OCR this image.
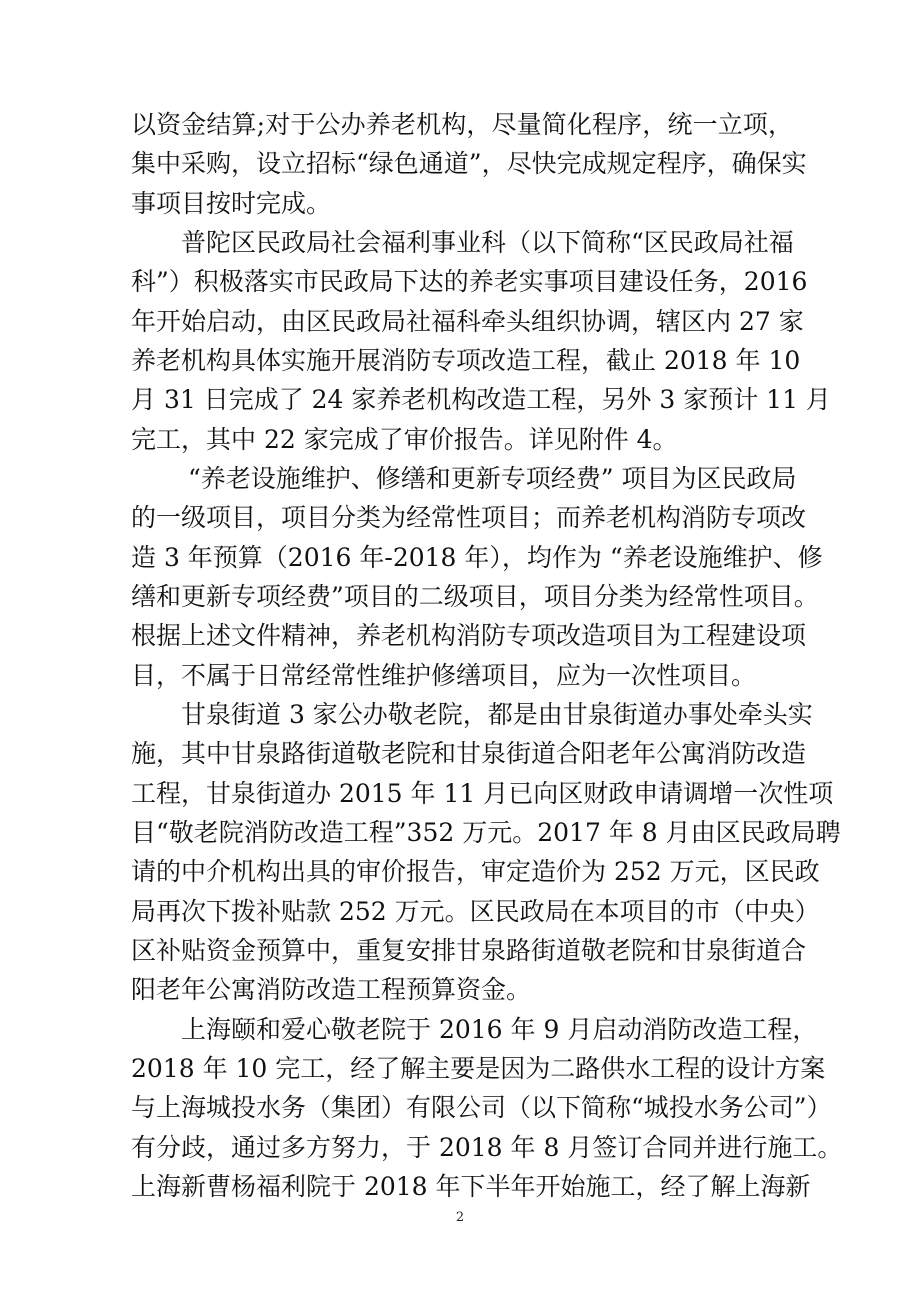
以资金结算;对于公办养老机构，尽量简化程序，统一立项，
集中采购，设立招标“绿色通道”，尽快完成规定程序，确保实
事项目按时完成。
普陀区民政局社会福利事业科（以下简称“区民政局社福
科”）积极落实市民政局下达的养老实事项目建设任务，2016
年开始启动，由区民政局社福科牵头组织协调，辖区内 27 家
养老机构具体实施开展消防专项改造工程，截止 2018 年 10
月 31 日完成了 24 家养老机构改造工程，另外 3 家预计 11 月
完工，其中 22 家完成了审价报告。详见附件 4。
“养老设施维护、修缮和更新专项经费” 项目为区民政局
的一级项目，项目分类为经常性项目；而养老机构消防专项改
造 3 年预算（2016 年-2018 年），均作为 “养老设施维护、修
缮和更新专项经费”项目的二级项目，项目分类为经常性项目。
根据上述文件精神，养老机构消防专项改造项目为工程建设项
目，不属于日常经常性维护修缮项目，应为一次性项目。
甘泉街道 3 家公办敬老院，都是由甘泉街道办事处牵头实
施，其中甘泉路街道敬老院和甘泉街道合阳老年公寓消防改造
工程，甘泉街道办 2015 年 11 月已向区财政申请调增一次性项
目“敬老院消防改造工程”352 万元。2017 年 8 月由区民政局聘
请的中介机构出具的审价报告，审定造价为 252 万元，区民政
局再次下拨补贴款 252 万元。区民政局在本项目的市（中央）
区补贴资金预算中，重复安排甘泉路街道敬老院和甘泉街道合
阳老年公寓消防改造工程预算资金。
上海颐和爱心敬老院于 2016 年 9 月启动消防改造工程，
2018 年 10 完工，经了解主要是因为二路供水工程的设计方案
与上海城投水务（集团）有限公司（以下简称“城投水务公司”）
有分歧，通过多方努力，于 2018 年 8 月签订合同并进行施工。
上海新曹杨福利院于 2018 年下半年开始施工，经了解上海新
2
